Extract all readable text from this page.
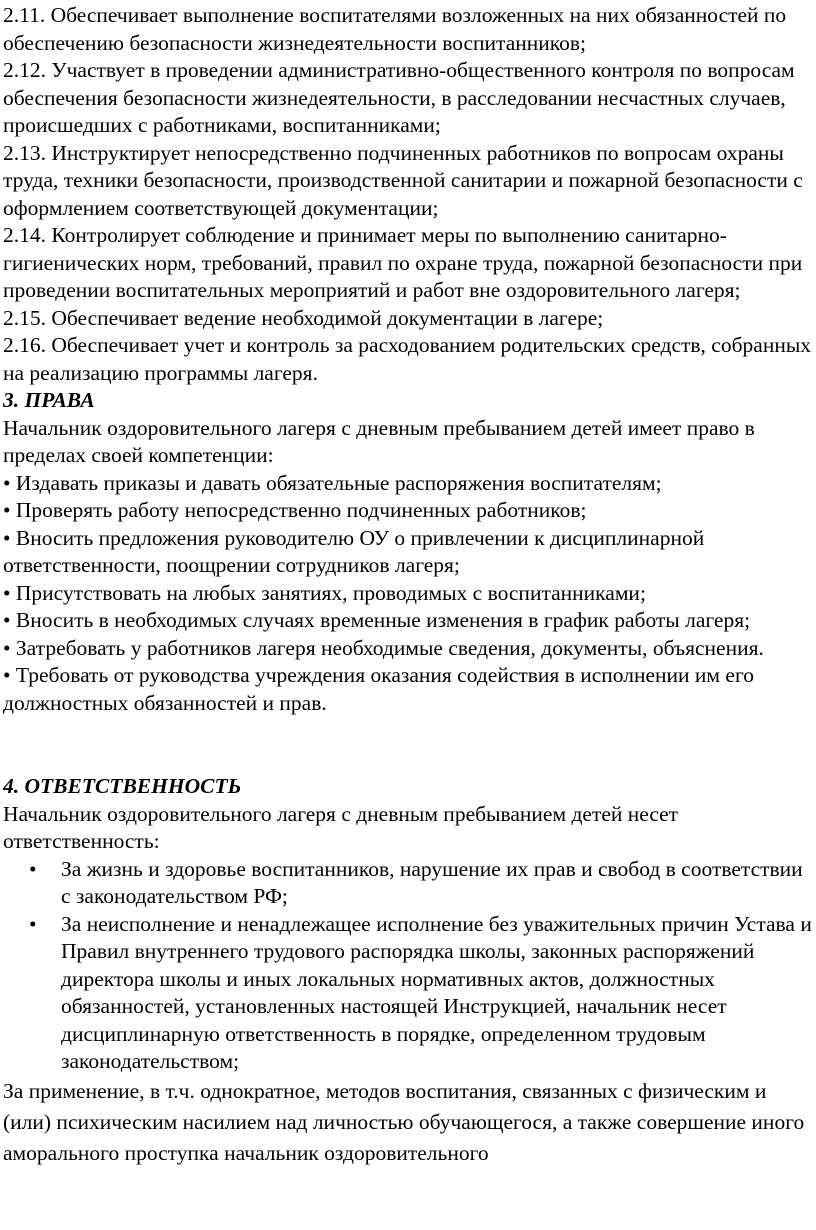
2.11. Обеспечивает выполнение воспитателями возложенных на них обязанностей по обеспечению безопасности жизнедеятельности воспитанников;

2.12. Участвует в проведении административно-общественного контроля по вопросам обеспечения безопасности жизнедеятельности, в расследовании несчастных случаев, происшедших с работниками, воспитанниками;

2.13. Инструктирует непосредственно подчиненных работников по вопросам охраны труда, техники безопасности, производственной санитарии и пожарной безопасности с оформлением соответствующей документации;

2.14. Контролирует соблюдение и принимает меры по выполнению санитарно-гигиенических норм, требований, правил по охране труда, пожарной безопасности при проведении воспитательных мероприятий и работ вне оздоровительного лагеря;

2.15. Обеспечивает ведение необходимой документации в лагере;

2.16. Обеспечивает учет и контроль за расходованием родительских средств, собранных на реализацию программы лагеря.

3. ПРАВА

Начальник оздоровительного лагеря с дневным пребыванием детей имеет право в пределах своей компетенции:

• Издавать приказы и давать обязательные распоряжения воспитателям;

• Проверять работу непосредственно подчиненных работников;

• Вносить предложения руководителю ОУ о привлечении к дисциплинарной ответственности, поощрении сотрудников лагеря;

• Присутствовать на любых занятиях, проводимых с воспитанниками;

• Вносить в необходимых случаях временные изменения в график работы лагеря;

• Затребовать у работников лагеря необходимые сведения, документы, объяснения.

• Требовать от руководства учреждения оказания содействия в исполнении им его должностных обязанностей и прав.

4. ОТВЕТСТВЕННОСТЬ

Начальник оздоровительного лагеря с дневным пребыванием детей несет ответственность:

• За жизнь и здоровье воспитанников, нарушение их прав и свобод в соответствии с законодательством РФ;
• За неисполнение и ненадлежащее исполнение без уважительных причин Устава и Правил внутреннего трудового распорядка школы, законных распоряжений директора школы и иных локальных нормативных актов, должностных обязанностей, установленных настоящей Инструкцией, начальник несет дисциплинарную ответственность в порядке, определенном трудовым законодательством;

За применение, в т.ч. однократное, методов воспитания, связанных с физическим и (или) психическим насилием над личностью обучающегося, а также совершение иного аморального проступка начальник оздоровительного
